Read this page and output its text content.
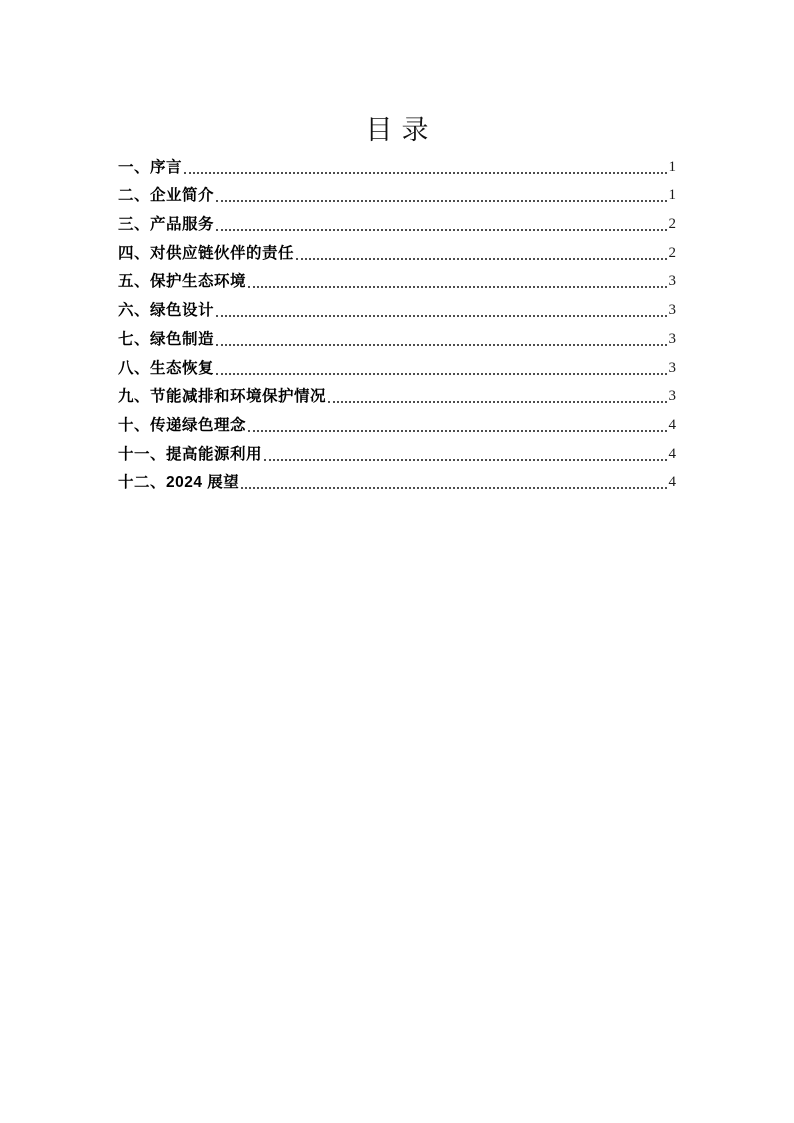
目录
一、序言	1
二、企业简介	1
三、产品服务	2
四、对供应链伙伴的责任	2
五、保护生态环境	3
六、绿色设计	3
七、绿色制造	3
八、生态恢复	3
九、节能减排和环境保护情况	3
十、传递绿色理念	4
十一、提高能源利用	4
十二、2024 展望	4
